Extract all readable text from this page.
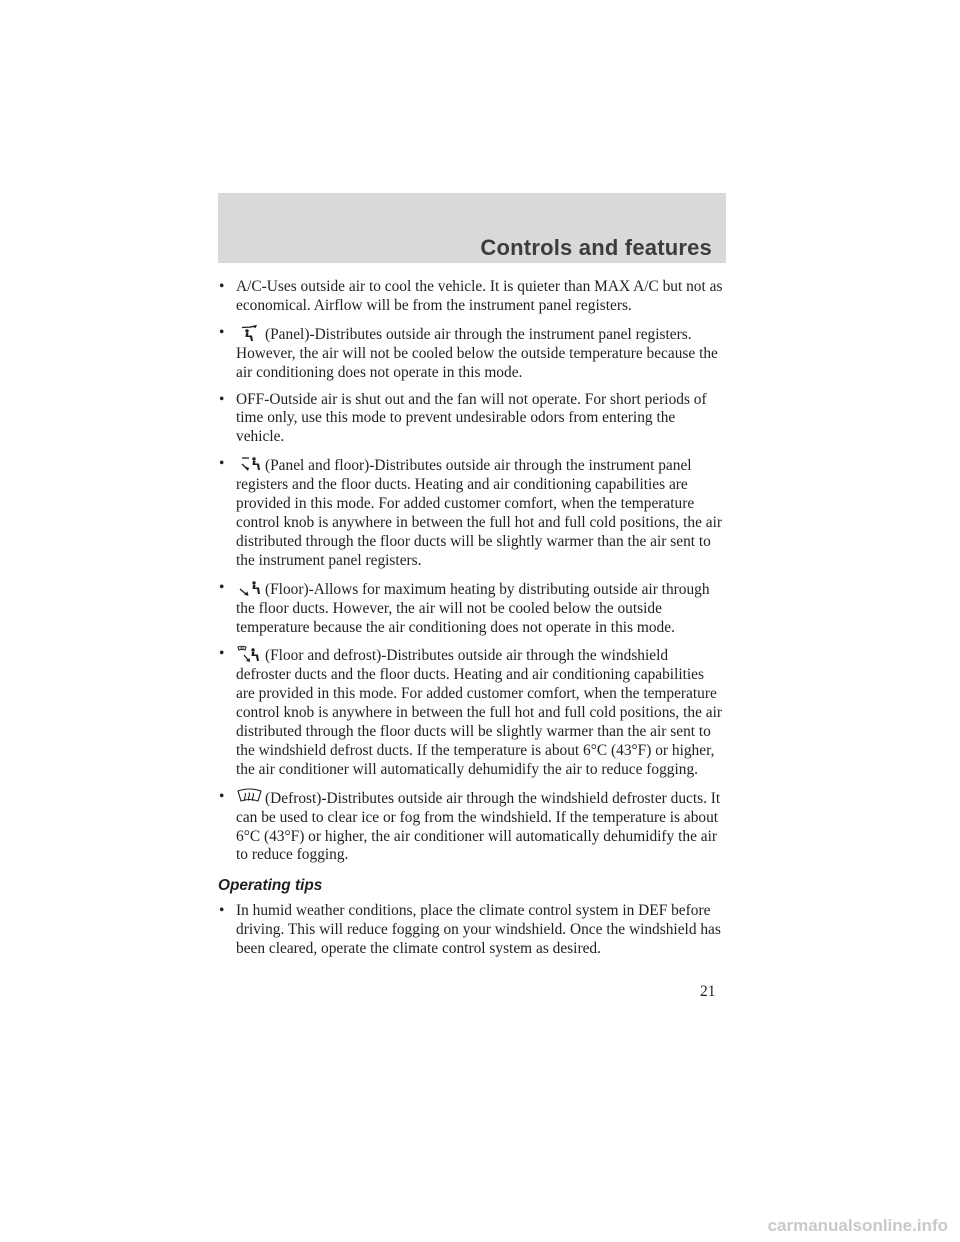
Controls and features
• A/C-Uses outside air to cool the vehicle. It is quieter than MAX A/C but not as economical. Airflow will be from the instrument panel registers.
•	(Panel)-Distributes outside air through the instrument panel registers. However, the air will not be cooled below the outside temperature because the air conditioning does not operate in this mode.
• OFF-Outside air is shut out and the fan will not operate. For short periods of time only, use this mode to prevent undesirable odors from entering the vehicle.
•	(Panel and floor)-Distributes outside air through the instrument panel registers and the floor ducts. Heating and air conditioning capabilities are provided in this mode. For added customer comfort, when the temperature control knob is anywhere in between the full hot and full cold positions, the air distributed through the floor ducts will be slightly warmer than the air sent to the instrument panel registers.
•	(Floor)-Allows for maximum heating by distributing outside air through the floor ducts. However, the air will not be cooled below the outside temperature because the air conditioning does not operate in this mode.
•	(Floor and defrost)-Distributes outside air through the windshield defroster ducts and the floor ducts. Heating and air conditioning capabilities are provided in this mode. For added customer comfort, when the temperature control knob is anywhere in between the full hot and full cold positions, the air distributed through the floor ducts will be slightly warmer than the air sent to the windshield defrost ducts. If the temperature is about 6°C (43°F) or higher, the air conditioner will automatically dehumidify the air to reduce fogging.
•	(Defrost)-Distributes outside air through the windshield defroster ducts. It can be used to clear ice or fog from the windshield. If the temperature is about 6°C (43°F) or higher, the air conditioner will automatically dehumidify the air to reduce fogging.
Operating tips
• In humid weather conditions, place the climate control system in DEF before driving. This will reduce fogging on your windshield. Once the windshield has been cleared, operate the climate control system as desired.
21
carmanualsonline.info
